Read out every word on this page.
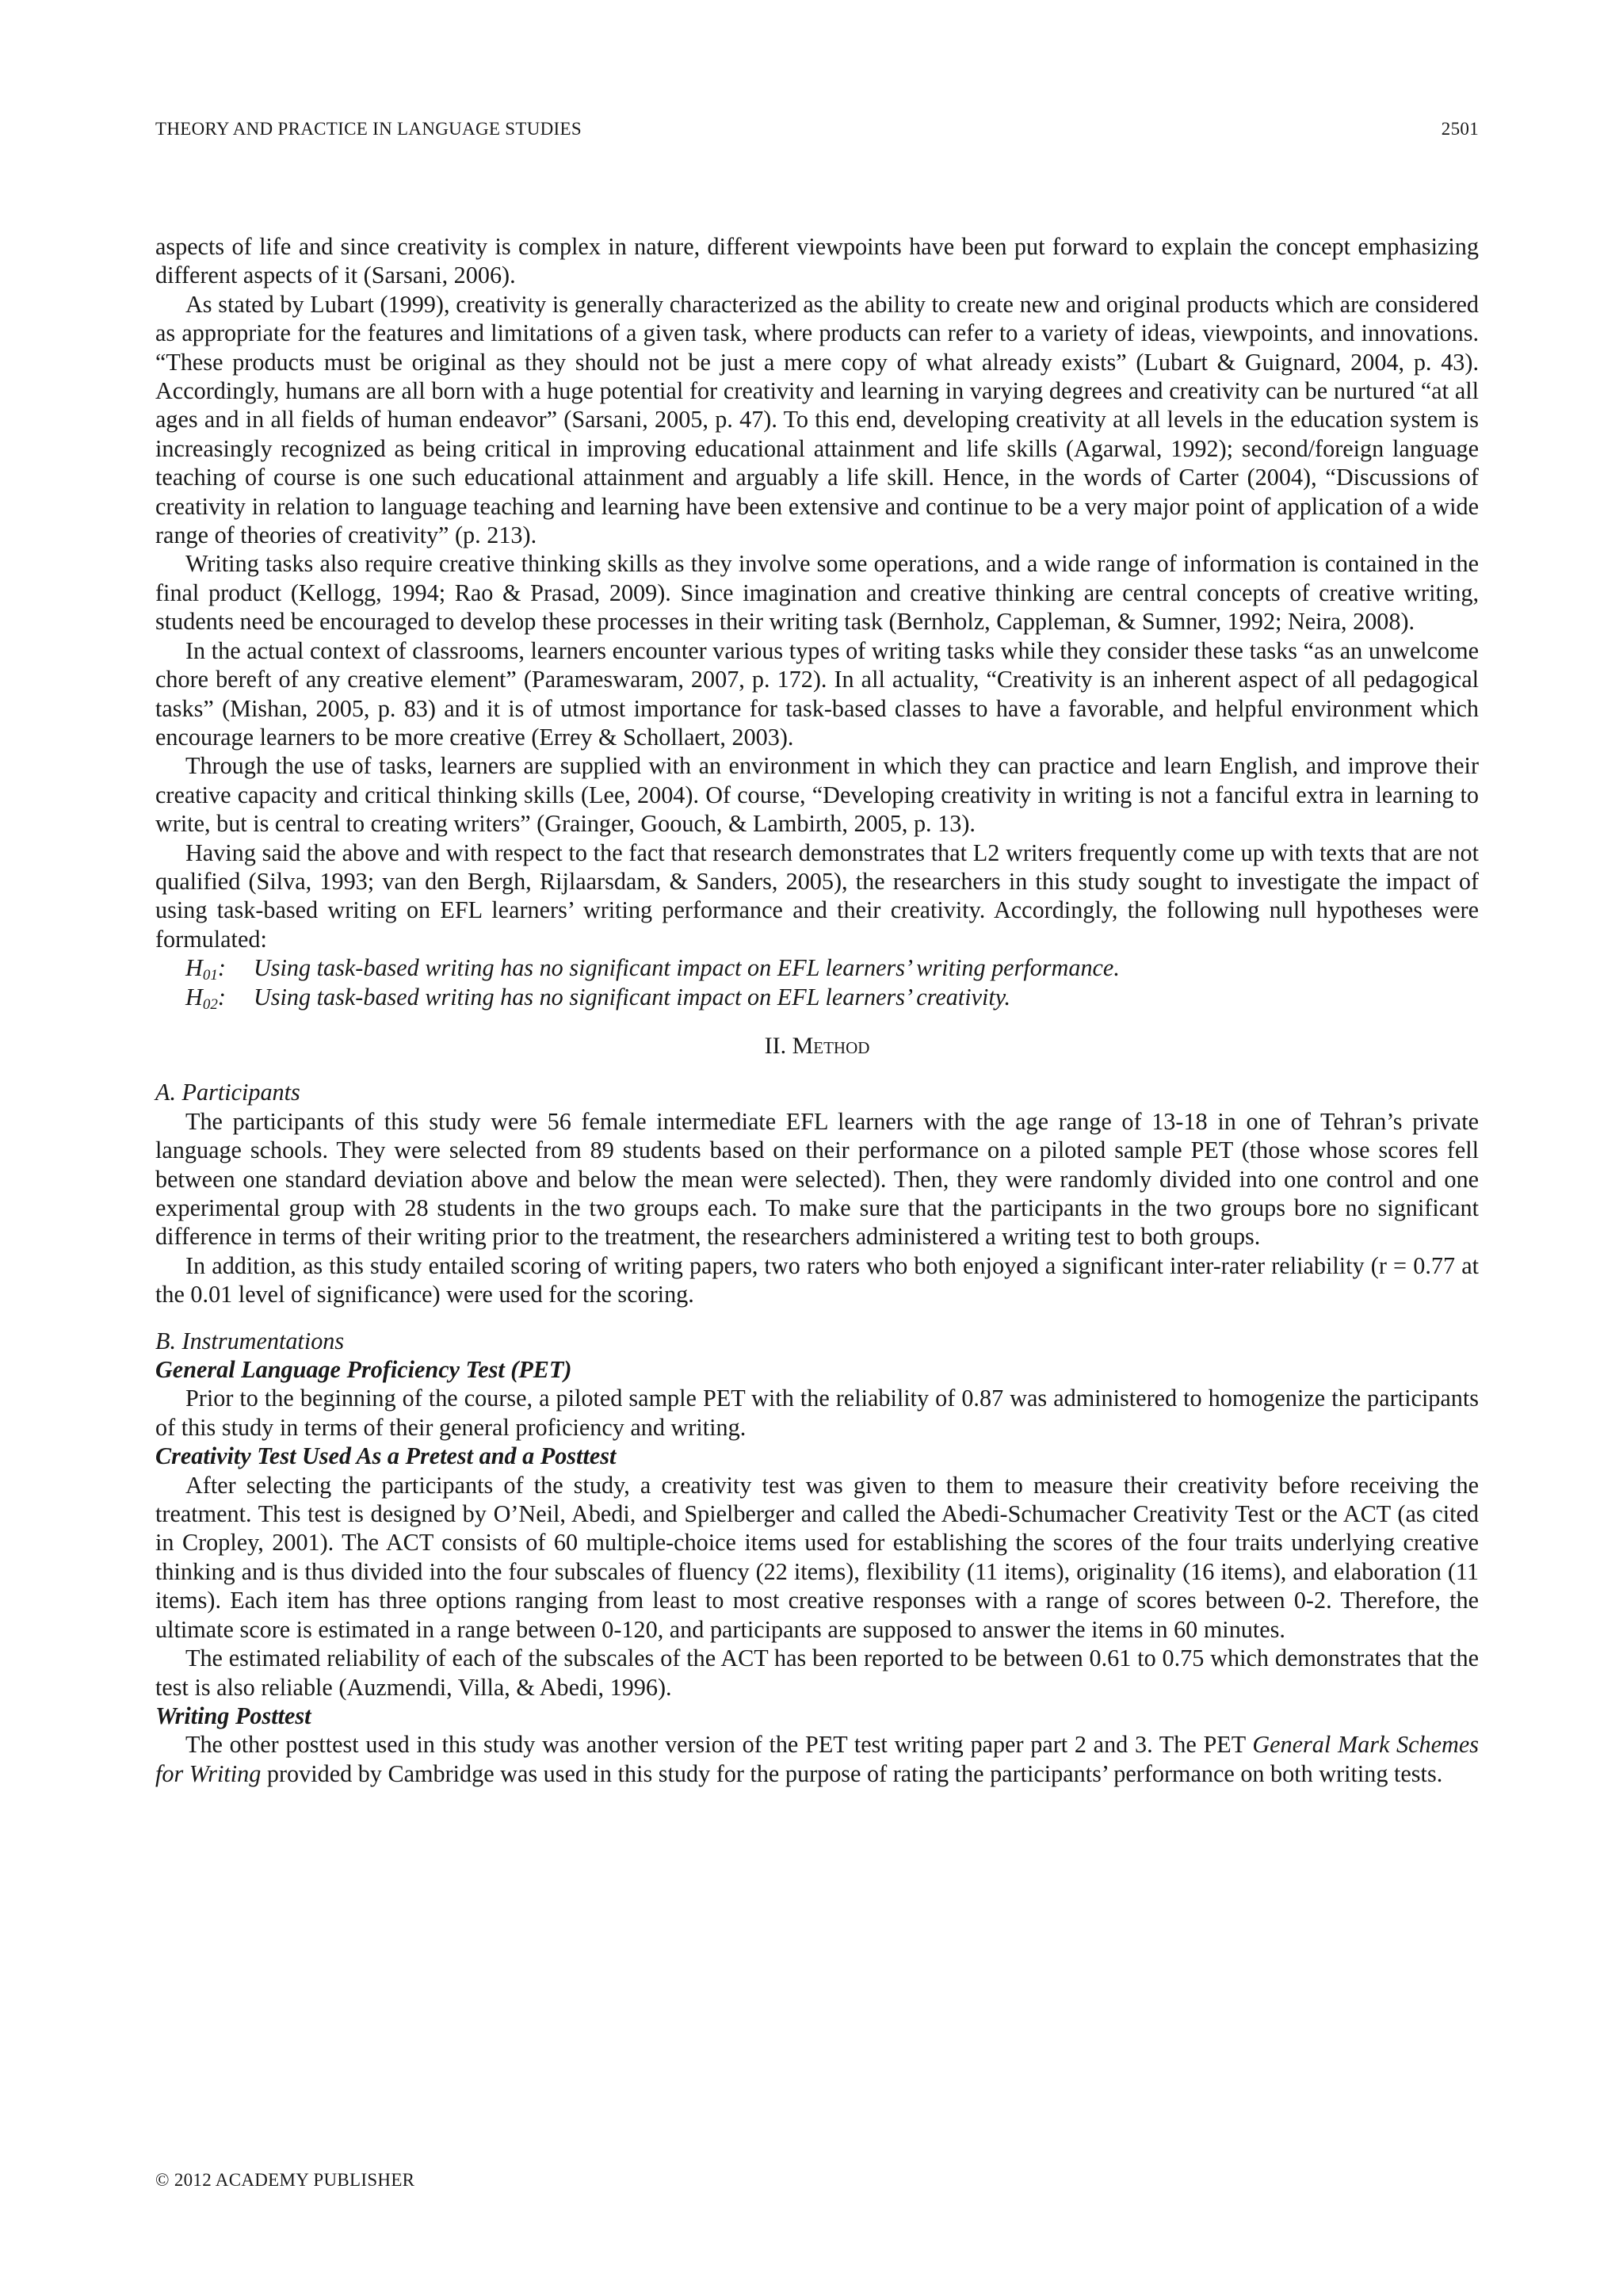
THEORY AND PRACTICE IN LANGUAGE STUDIES	2501

aspects of life and since creativity is complex in nature, different viewpoints have been put forward to explain the concept emphasizing different aspects of it (Sarsani, 2006).

As stated by Lubart (1999), creativity is generally characterized as the ability to create new and original products which are considered as appropriate for the features and limitations of a given task, where products can refer to a variety of ideas, viewpoints, and innovations. “These products must be original as they should not be just a mere copy of what already exists” (Lubart & Guignard, 2004, p. 43). Accordingly, humans are all born with a huge potential for creativity and learning in varying degrees and creativity can be nurtured “at all ages and in all fields of human endeavor” (Sarsani, 2005, p. 47). To this end, developing creativity at all levels in the education system is increasingly recognized as being critical in improving educational attainment and life skills (Agarwal, 1992); second/foreign language teaching of course is one such educational attainment and arguably a life skill. Hence, in the words of Carter (2004), “Discussions of creativity in relation to language teaching and learning have been extensive and continue to be a very major point of application of a wide range of theories of creativity” (p. 213).

Writing tasks also require creative thinking skills as they involve some operations, and a wide range of information is contained in the final product (Kellogg, 1994; Rao & Prasad, 2009). Since imagination and creative thinking are central concepts of creative writing, students need be encouraged to develop these processes in their writing task (Bernholz, Cappleman, & Sumner, 1992; Neira, 2008).

In the actual context of classrooms, learners encounter various types of writing tasks while they consider these tasks “as an unwelcome chore bereft of any creative element” (Parameswaram, 2007, p. 172). In all actuality, “Creativity is an inherent aspect of all pedagogical tasks” (Mishan, 2005, p. 83) and it is of utmost importance for task-based classes to have a favorable, and helpful environment which encourage learners to be more creative (Errey & Schollaert, 2003).

Through the use of tasks, learners are supplied with an environment in which they can practice and learn English, and improve their creative capacity and critical thinking skills (Lee, 2004). Of course, “Developing creativity in writing is not a fanciful extra in learning to write, but is central to creating writers” (Grainger, Goouch, & Lambirth, 2005, p. 13).

Having said the above and with respect to the fact that research demonstrates that L2 writers frequently come up with texts that are not qualified (Silva, 1993; van den Bergh, Rijlaarsdam, & Sanders, 2005), the researchers in this study sought to investigate the impact of using task-based writing on EFL learners’ writing performance and their creativity. Accordingly, the following null hypotheses were formulated:

$H_{01}$:	Using task-based writing has no significant impact on EFL learners’ writing performance.
$H_{02}$:	Using task-based writing has no significant impact on EFL learners’ creativity.
II. Method

A. Participants

The participants of this study were 56 female intermediate EFL learners with the age range of 13-18 in one of Tehran’s private language schools. They were selected from 89 students based on their performance on a piloted sample PET (those whose scores fell between one standard deviation above and below the mean were selected). Then, they were randomly divided into one control and one experimental group with 28 students in the two groups each. To make sure that the participants in the two groups bore no significant difference in terms of their writing prior to the treatment, the researchers administered a writing test to both groups.

In addition, as this study entailed scoring of writing papers, two raters who both enjoyed a significant inter-rater reliability (r = 0.77 at the 0.01 level of significance) were used for the scoring.

B. Instrumentations

General Language Proficiency Test (PET)

Prior to the beginning of the course, a piloted sample PET with the reliability of 0.87 was administered to homogenize the participants of this study in terms of their general proficiency and writing.

Creativity Test Used As a Pretest and a Posttest

After selecting the participants of the study, a creativity test was given to them to measure their creativity before receiving the treatment. This test is designed by O’Neil, Abedi, and Spielberger and called the Abedi-Schumacher Creativity Test or the ACT (as cited in Cropley, 2001). The ACT consists of 60 multiple-choice items used for establishing the scores of the four traits underlying creative thinking and is thus divided into the four subscales of fluency (22 items), flexibility (11 items), originality (16 items), and elaboration (11 items). Each item has three options ranging from least to most creative responses with a range of scores between 0-2. Therefore, the ultimate score is estimated in a range between 0-120, and participants are supposed to answer the items in 60 minutes.

The estimated reliability of each of the subscales of the ACT has been reported to be between 0.61 to 0.75 which demonstrates that the test is also reliable (Auzmendi, Villa, & Abedi, 1996).

Writing Posttest

The other posttest used in this study was another version of the PET test writing paper part 2 and 3. The PET General Mark Schemes for Writing provided by Cambridge was used in this study for the purpose of rating the participants’ performance on both writing tests.

© 2012 ACADEMY PUBLISHER
